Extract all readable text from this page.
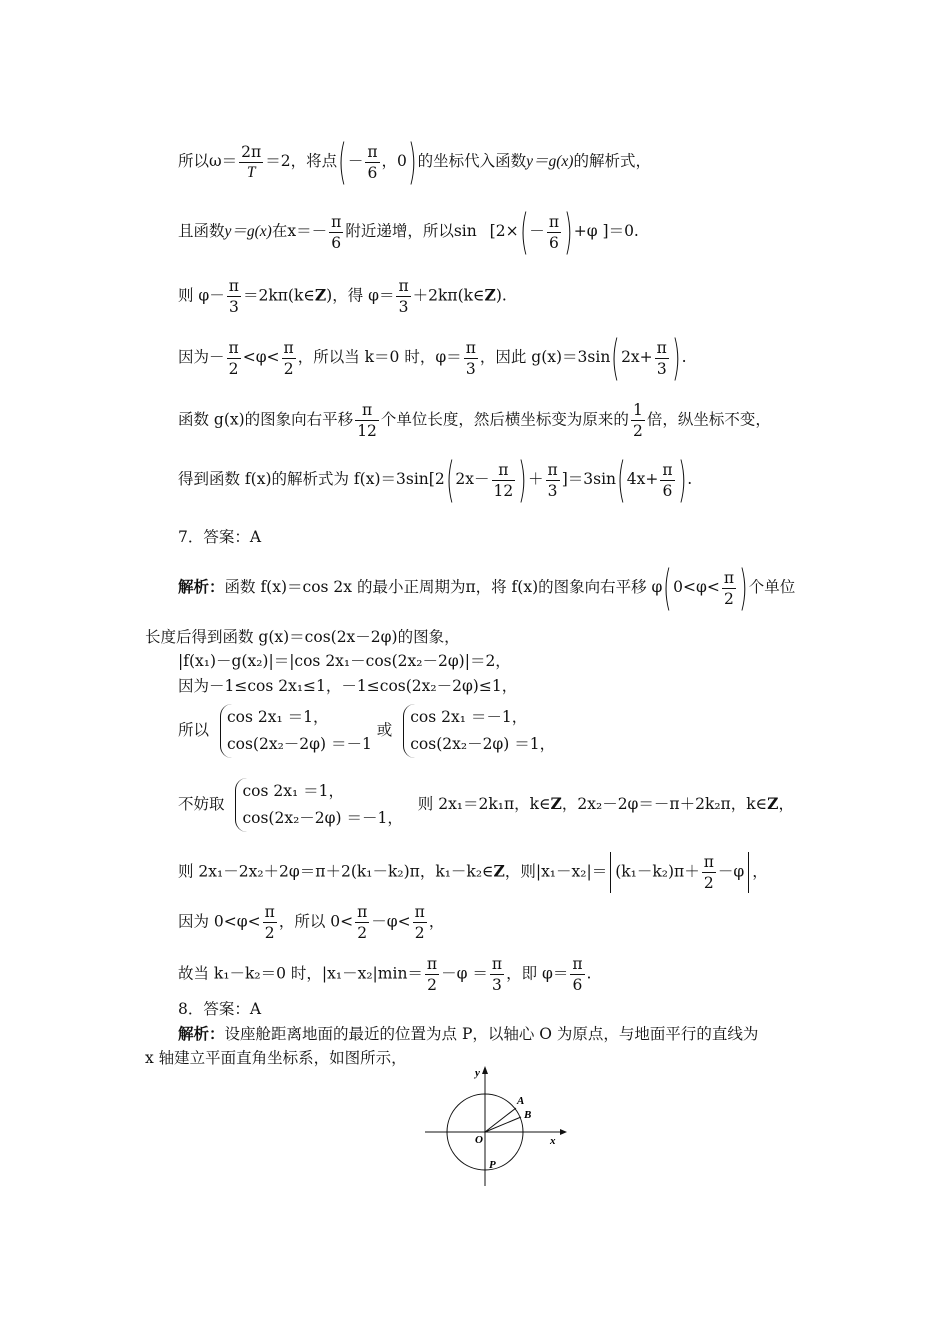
所以$\omega= \frac{2\pi}{T} =2$，将点(－ $\frac{\pi}{6}$ ，0)的坐标代入函数y＝g(x)的解析式，
且函数y＝g(x)在$x=- \frac{\pi}{6}$ 附近递增，所以$\sin [2\times(- \frac{\pi}{6} )+\varphi$ ]＝0.
则 $\varphi- \frac{\pi}{3}$ ＝2kπ(k∈Z)，得 $\varphi= \frac{\pi}{3}$ ＋2kπ(k∈Z).
因为－ $\frac{\pi}{2} <\varphi< \frac{\pi}{2}$ ，所以当 k＝0 时，$\varphi= \frac{\pi}{3}$ ，因此 $g(x)=3\sin(2x+ \frac{\pi}{3}$ ).
函数 g(x)的图象向右平移 $\frac{\pi}{12}$ 个单位长度，然后横坐标变为原来的 $\frac{1}{2}$ 倍，纵坐标不变，
得到函数 f(x)的解析式为 $f(x)=3\sin[2(2x- \frac{\pi}{12}$ )＋ $\frac{\pi}{3} ]=3\sin(4x+ \frac{\pi}{6}$ ).
7．答案：A
解析：函数 f(x)＝cos 2x 的最小正周期为π，将 f(x)的图象向右平移 $\varphi(0<\varphi< \frac{\pi}{2}$ )个单位
长度后得到函数 g(x)＝cos(2x－2φ)的图象，
|f(x₁)－g(x₂)|＝|cos 2x₁－cos(2x₂－2φ)|＝2，
因为－1≤cos 2x₁≤1，－1≤cos(2x₂－2φ)≤1，
所以
cos 2x₁ ＝1，
cos(2x₂－2φ) ＝－1
或
cos 2x₁ ＝－1，
cos(2x₂－2φ) ＝1，
不妨取
cos 2x₁ ＝1，
cos(2x₂－2φ) ＝－1，
则 2x₁＝2k₁π，k∈Z，2x₂－2φ＝－π＋2k₂π，k∈Z，
则 2x₁－2x₂＋2φ＝π＋2(k₁－k₂)π，k₁－k₂∈Z，则$|x_1-x_2|= (k_1-k_2)\pi+ \frac{\pi}{2} -\varphi$ ，
因为 $0<\varphi< \frac{\pi}{2}$ ，所以 $0< \frac{\pi}{2} -\varphi< \frac{\pi}{2}$ ，
故当 k₁－k₂＝0 时，$|x_1-x_2|\min= \frac{\pi}{2} -\varphi = \frac{\pi}{3}$ ，即 $\varphi= \frac{\pi}{6}$ .
8．答案：A
解析：设座舱距离地面的最近的位置为点 P，以轴心 O 为原点，与地面平行的直线为
x 轴建立平面直角坐标系，如图所示，
y
x
O
A
B
P
